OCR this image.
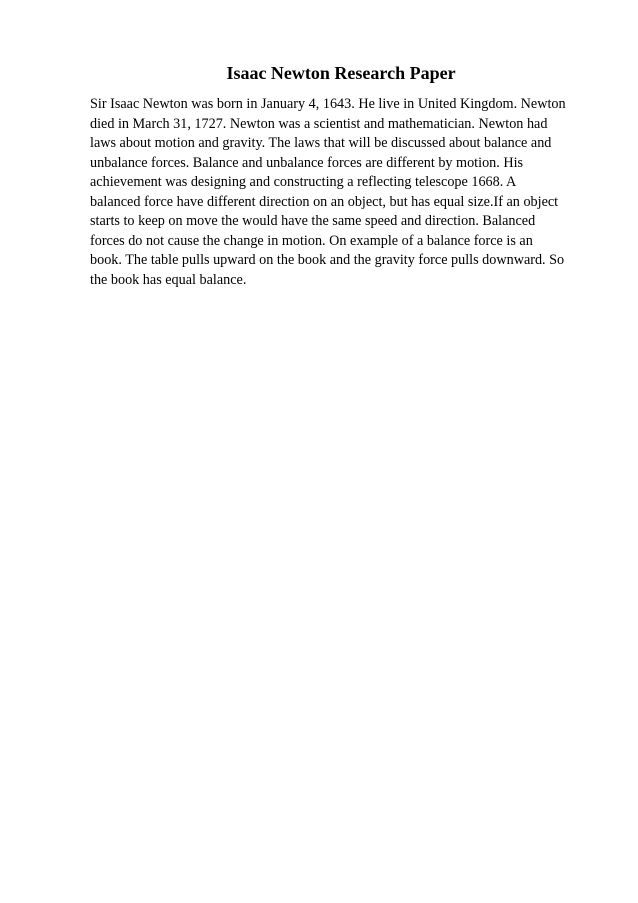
Isaac Newton Research Paper
Sir Isaac Newton was born in January 4, 1643. He live in United Kingdom. Newton
died in March 31, 1727. Newton was a scientist and mathematician. Newton had
laws about motion and gravity. The laws that will be discussed about balance and
unbalance forces. Balance and unbalance forces are different by motion. His
achievement was designing and constructing a reflecting telescope 1668. A
balanced force have different direction on an object, but has equal size.If an object
starts to keep on move the would have the same speed and direction. Balanced
forces do not cause the change in motion. On example of a balance force is an
book. The table pulls upward on the book and the gravity force pulls downward. So
the book has equal balance.
